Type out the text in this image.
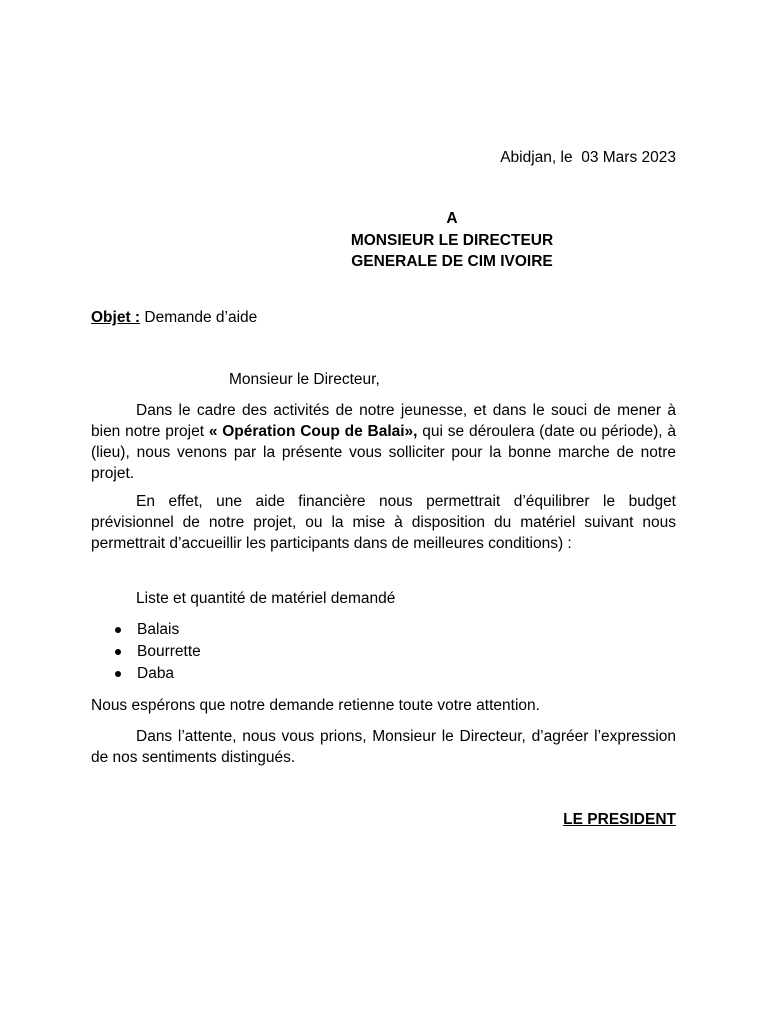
Abidjan, le  03 Mars 2023
A
MONSIEUR LE DIRECTEUR
GENERALE DE CIM IVOIRE
Objet : Demande d’aide
Monsieur le Directeur,
Dans le cadre des activités de notre jeunesse, et dans le souci de mener à bien notre projet « Opération Coup de Balai», qui se déroulera (date ou période), à (lieu), nous venons par la présente vous solliciter pour la bonne marche de notre projet.
En effet, une aide financière nous permettrait d’équilibrer le budget prévisionnel de notre projet, ou la mise à disposition du matériel suivant nous permettrait d’accueillir les participants dans de meilleures conditions) :
Liste et quantité de matériel demandé
Balais
Bourrette
Daba
Nous espérons que notre demande retienne toute votre attention.
Dans l’attente, nous vous prions, Monsieur le Directeur, d’agréer l’expression de nos sentiments distingués.
LE PRESIDENT
